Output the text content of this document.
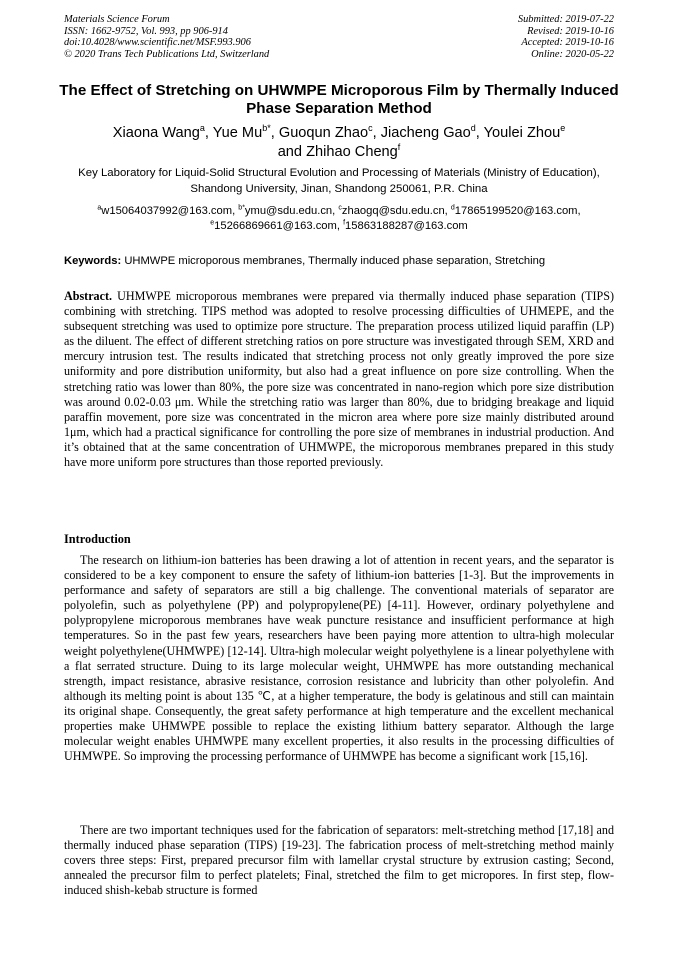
Materials Science Forum
ISSN: 1662-9752, Vol. 993, pp 906-914
doi:10.4028/www.scientific.net/MSF.993.906
© 2020 Trans Tech Publications Ltd, Switzerland
Submitted: 2019-07-22
Revised: 2019-10-16
Accepted: 2019-10-16
Online: 2020-05-22
The Effect of Stretching on UHWMPE Microporous Film by Thermally Induced Phase Separation Method
Xiaona Wang$^a$, Yue $Mu^{b*}$, Guoqun Zhao$^c$, Jiacheng Gao$^d$, Youlei Zhou$^e$
and Zhihao Cheng$^f$
Key Laboratory for Liquid-Solid Structural Evolution and Processing of Materials (Ministry of Education), Shandong University, Jinan, Shandong 250061, P.R. China
$^a$w15064037992@163.com, $^{b*}$ymu@sdu.edu.cn, $^c$zhaogq@sdu.edu.cn, $^d$17865199520@163.com,
$^e$15266869661@163.com, $^f$15863188287@163.com
Keywords: UHMWPE microporous membranes, Thermally induced phase separation, Stretching
Abstract. UHMWPE microporous membranes were prepared via thermally induced phase separation (TIPS) combining with stretching. TIPS method was adopted to resolve processing difficulties of UHMEPE, and the subsequent stretching was used to optimize pore structure. The preparation process utilized liquid paraffin (LP) as the diluent. The effect of different stretching ratios on pore structure was investigated through SEM, XRD and mercury intrusion test. The results indicated that stretching process not only greatly improved the pore size uniformity and pore distribution uniformity, but also had a great influence on pore size controlling. When the stretching ratio was lower than 80%, the pore size was concentrated in nano-region which pore size distribution was around 0.02-0.03 μm. While the stretching ratio was larger than 80%, due to bridging breakage and liquid paraffin movement, pore size was concentrated in the micron area where pore size mainly distributed around 1μm, which had a practical significance for controlling the pore size of membranes in industrial production. And it’s obtained that at the same concentration of UHMWPE, the microporous membranes prepared in this study have more uniform pore structures than those reported previously.
Introduction

The research on lithium-ion batteries has been drawing a lot of attention in recent years, and the separator is considered to be a key component to ensure the safety of lithium-ion batteries [1-3]. But the improvements in performance and safety of separators are still a big challenge. The conventional materials of separator are polyolefin, such as polyethylene (PP) and polypropylene(PE) [4-11]. However, ordinary polyethylene and polypropylene microporous membranes have weak puncture resistance and insufficient performance at high temperatures. So in the past few years, researchers have been paying more attention to ultra-high molecular weight polyethylene(UHMWPE) [12-14]. Ultra-high molecular weight polyethylene is a linear polyethylene with a flat serrated structure. Duing to its large molecular weight, UHMWPE has more outstanding mechanical strength, impact resistance, abrasive resistance, corrosion resistance and lubricity than other polyolefin. And although its melting point is about 135 ℃, at a higher temperature, the body is gelatinous and still can maintain its original shape. Consequently, the great safety performance at high temperature and the excellent mechanical properties make UHMWPE possible to replace the existing lithium battery separator. Although the large molecular weight enables UHMWPE many excellent properties, it also results in the processing difficulties of UHMWPE. So improving the processing performance of UHMWPE has become a significant work [15,16].

There are two important techniques used for the fabrication of separators: melt-stretching method [17,18] and thermally induced phase separation (TIPS) [19-23]. The fabrication process of melt-stretching method mainly covers three steps: First, prepared precursor film with lamellar crystal structure by extrusion casting; Second, annealed the precursor film to perfect platelets; Final, stretched the film to get micropores. In first step, flow-induced shish-kebab structure is formed
